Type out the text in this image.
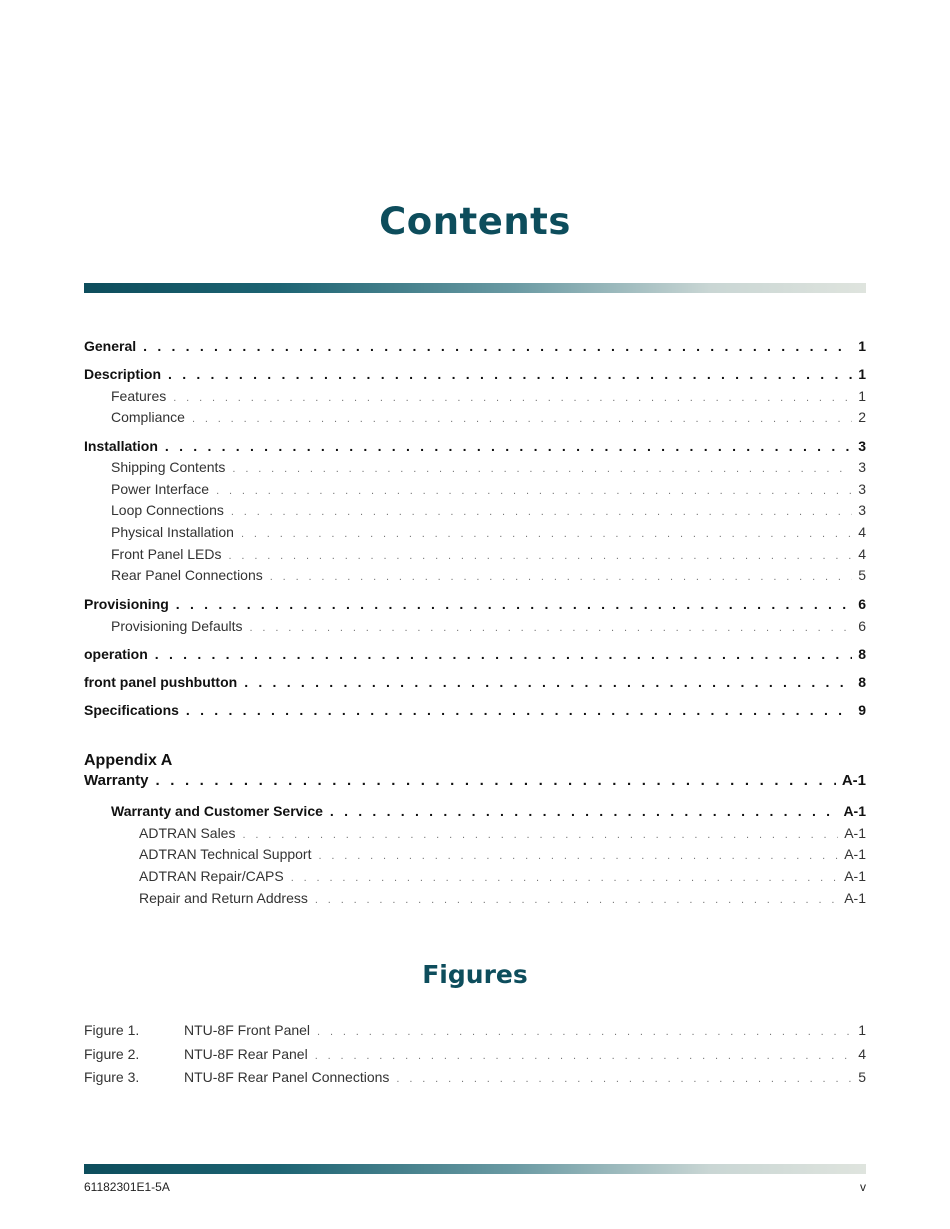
Contents
General . . .	1
Description . . .	1
Features . . .	1
Compliance . . .	2
Installation . . .	3
Shipping Contents . . .	3
Power Interface . . .	3
Loop Connections . . .	3
Physical Installation . . .	4
Front Panel LEDs . . .	4
Rear Panel Connections . . .	5
Provisioning . . .	6
Provisioning Defaults . . .	6
operation . . .	8
front panel pushbutton . . .	8
Specifications . . .	9
Appendix A
Warranty . . .	A-1
Warranty and Customer Service . . .	A-1
ADTRAN Sales . . .	A-1
ADTRAN Technical Support . . .	A-1
ADTRAN Repair/CAPS . . .	A-1
Repair and Return Address . . .	A-1
Figures
Figure 1.	NTU-8F Front Panel . . .	1
Figure 2.	NTU-8F Rear Panel . . .	4
Figure 3.	NTU-8F Rear Panel Connections . . .	5
61182301E1-5A	v
